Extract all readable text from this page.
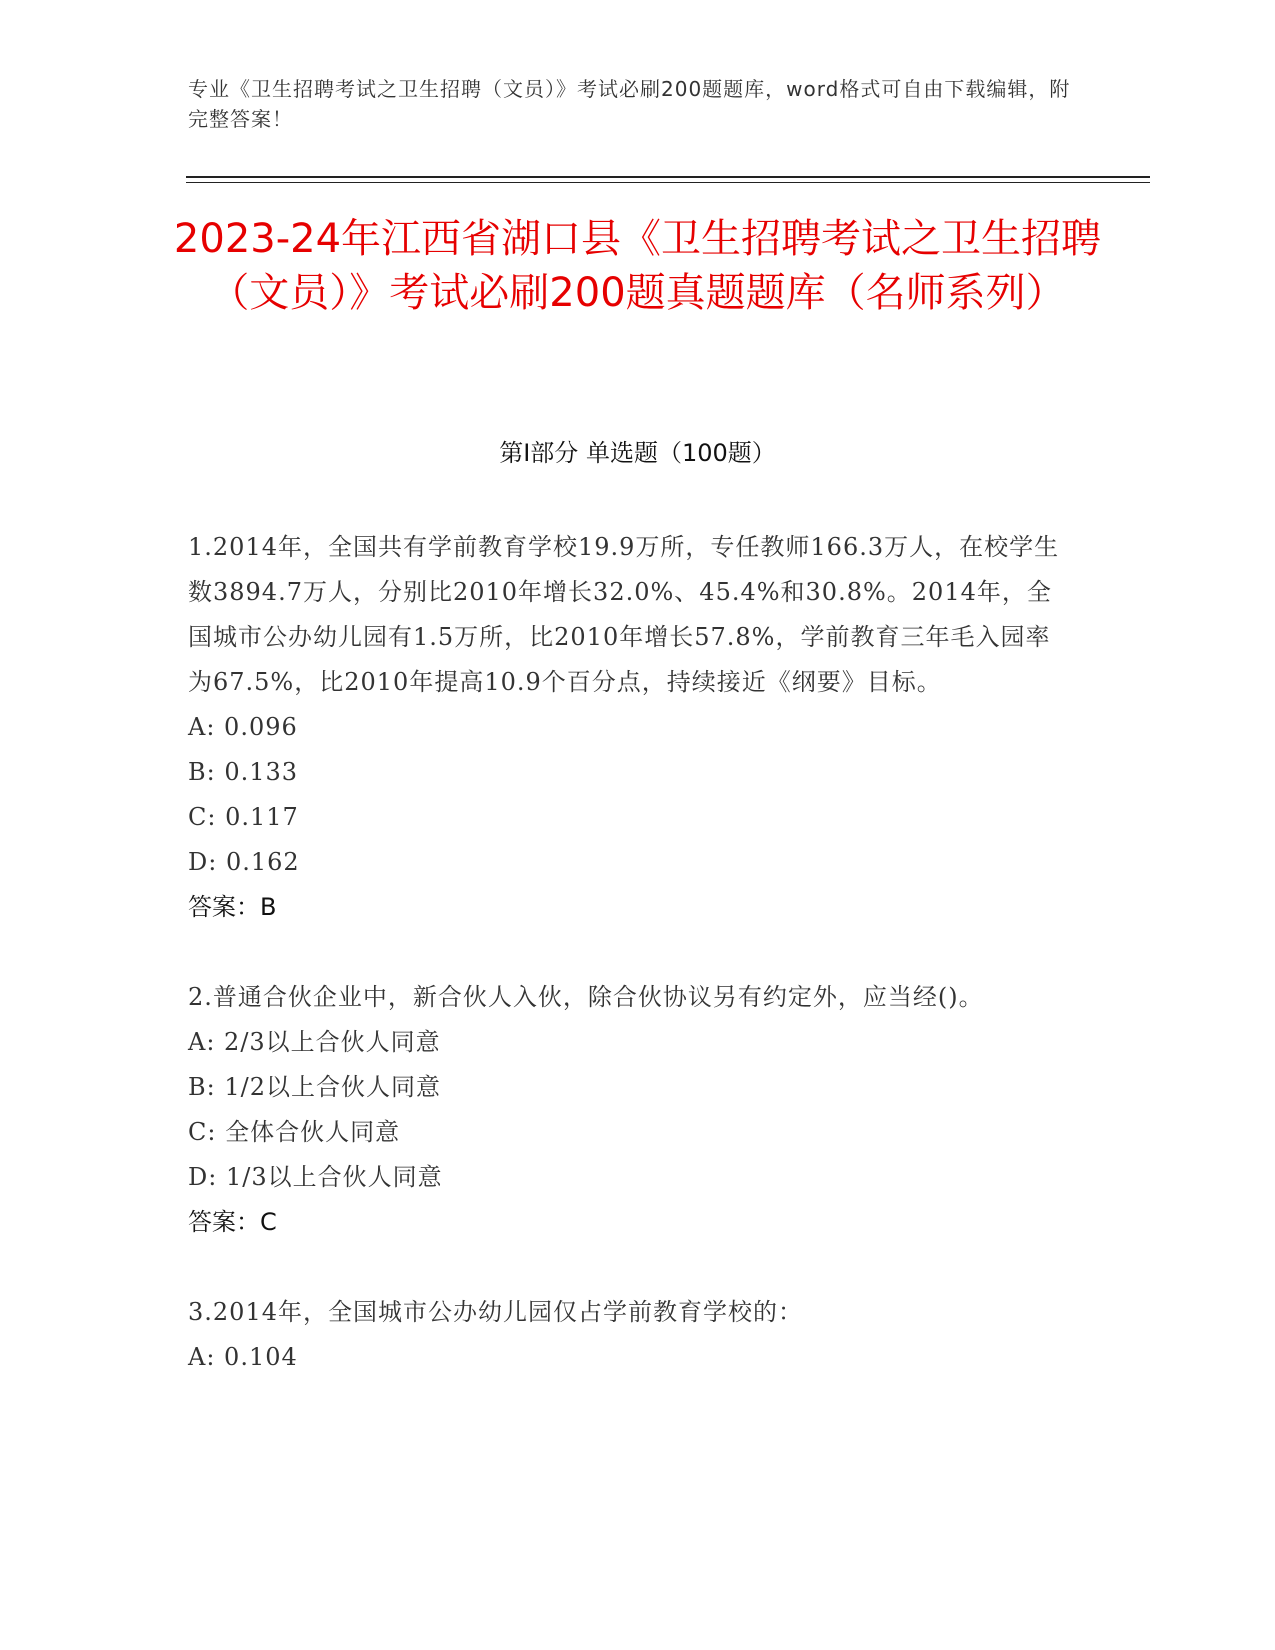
专业《卫生招聘考试之卫生招聘（文员）》考试必刷200题题库，word格式可自由下载编辑，附完整答案！
2023-24年江西省湖口县《卫生招聘考试之卫生招聘（文员）》考试必刷200题真题题库（名师系列）
第Ⅰ部分 单选题（100题）
1.2014年，全国共有学前教育学校19.9万所，专任教师166.3万人，在校学生数3894.7万人，分别比2010年增长32.0%、45.4%和30.8%。2014年，全国城市公办幼儿园有1.5万所，比2010年增长57.8%，学前教育三年毛入园率为67.5%，比2010年提高10.9个百分点，持续接近《纲要》目标。
A: 0.096
B: 0.133
C: 0.117
D: 0.162
答案：B
2.普通合伙企业中，新合伙人入伙，除合伙协议另有约定外，应当经()。
A: 2/3以上合伙人同意
B: 1/2以上合伙人同意
C: 全体合伙人同意
D: 1/3以上合伙人同意
答案：C
3.2014年，全国城市公办幼儿园仅占学前教育学校的：
A: 0.104
